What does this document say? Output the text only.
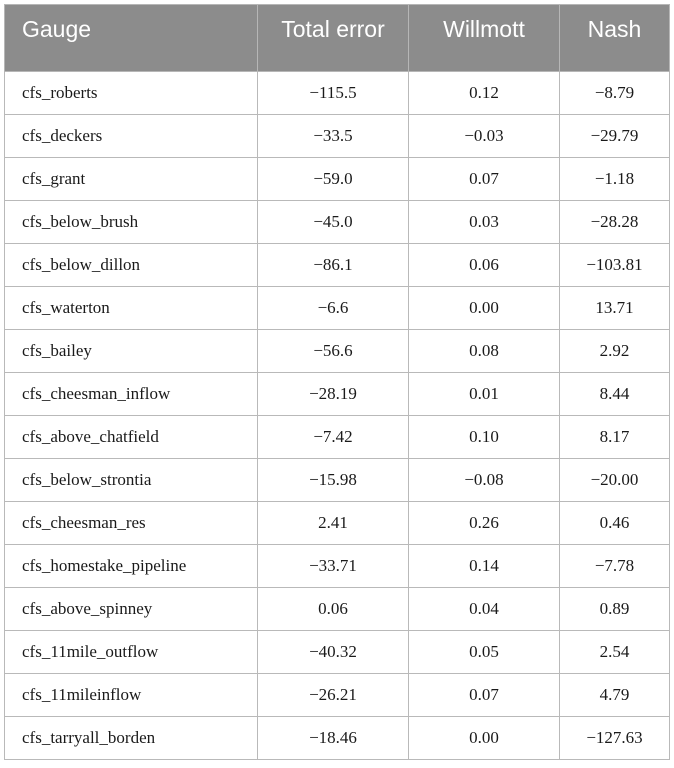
Gauge	Total error	Willmott	Nash

cfs_roberts	−115.5	0.12	−8.79
cfs_deckers	−33.5	−0.03	−29.79
cfs_grant	−59.0	0.07	−1.18
cfs_below_brush	−45.0	0.03	−28.28
cfs_below_dillon	−86.1	0.06	−103.81
cfs_waterton	−6.6	0.00	13.71
cfs_bailey	−56.6	0.08	2.92
cfs_cheesman_inflow	−28.19	0.01	8.44
cfs_above_chatfield	−7.42	0.10	8.17
cfs_below_strontia	−15.98	−0.08	−20.00
cfs_cheesman_res	2.41	0.26	0.46
cfs_homestake_pipeline	−33.71	0.14	−7.78
cfs_above_spinney	0.06	0.04	0.89
cfs_11mile_outflow	−40.32	0.05	2.54
cfs_11mileinflow	−26.21	0.07	4.79
cfs_tarryall_borden	−18.46	0.00	−127.63
